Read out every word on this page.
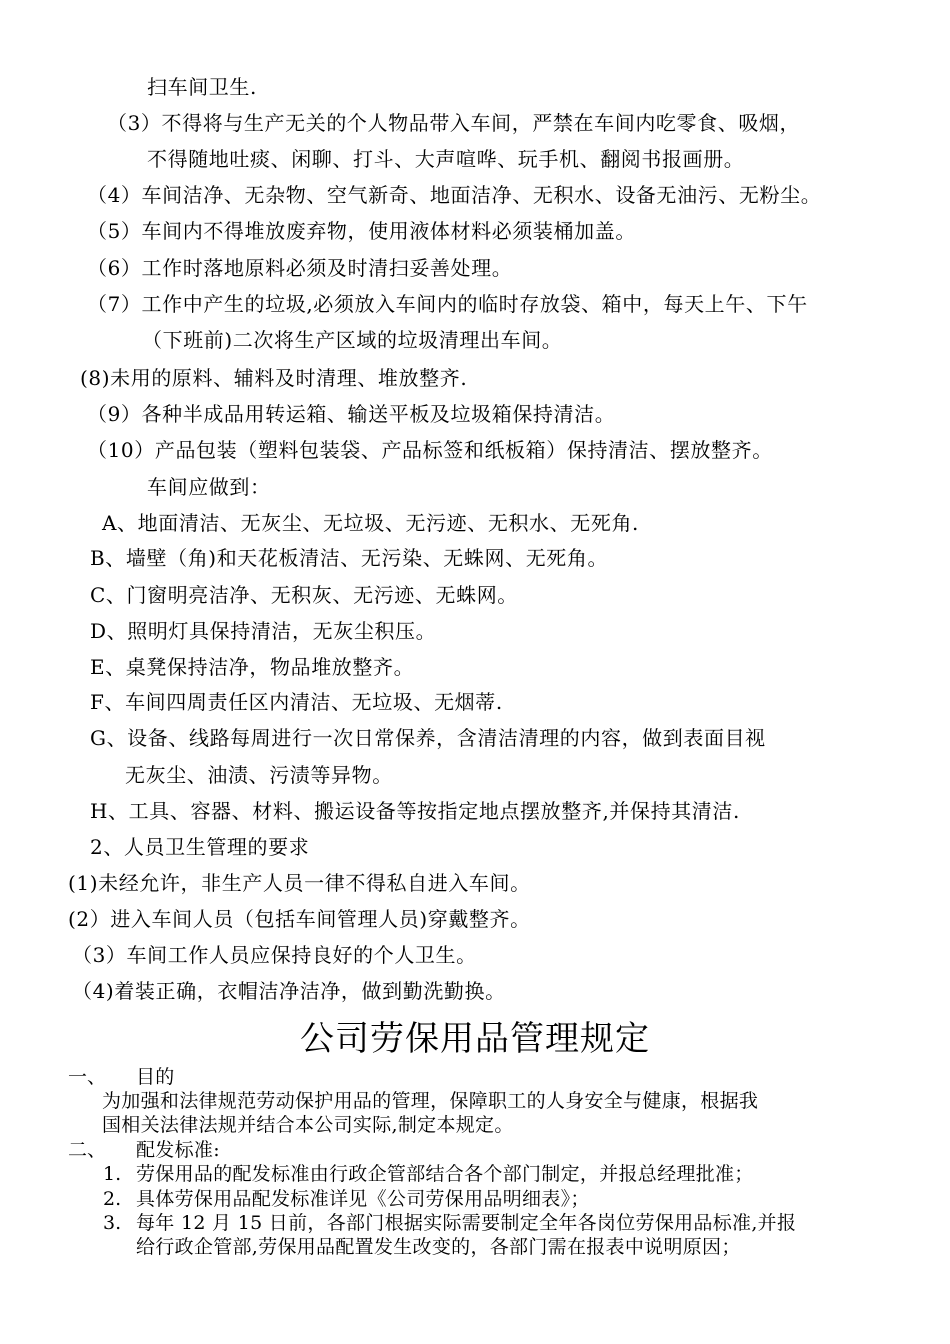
扫车间卫生.
（3）不得将与生产无关的个人物品带入车间，严禁在车间内吃零食、吸烟，
不得随地吐痰、闲聊、打斗、大声喧哗、玩手机、翻阅书报画册。
（4）车间洁净、无杂物、空气新奇、地面洁净、无积水、设备无油污、无粉尘。
（5）车间内不得堆放废弃物，使用液体材料必须装桶加盖。
（6）工作时落地原料必须及时清扫妥善处理。
（7）工作中产生的垃圾,必须放入车间内的临时存放袋、箱中，每天上午、下午
（下班前)二次将生产区域的垃圾清理出车间。
(8)未用的原料、辅料及时清理、堆放整齐.
（9）各种半成品用转运箱、输送平板及垃圾箱保持清洁。
（10）产品包装（塑料包装袋、产品标签和纸板箱）保持清洁、摆放整齐。
车间应做到：
A、地面清洁、无灰尘、无垃圾、无污迹、无积水、无死角.
B、墙壁（角)和天花板清洁、无污染、无蛛网、无死角。
C、门窗明亮洁净、无积灰、无污迹、无蛛网。
D、照明灯具保持清洁，无灰尘积压。
E、桌凳保持洁净，物品堆放整齐。
F、车间四周责任区内清洁、无垃圾、无烟蒂.
G、设备、线路每周进行一次日常保养，含清洁清理的内容，做到表面目视
无灰尘、油渍、污渍等异物。
H、工具、容器、材料、搬运设备等按指定地点摆放整齐,并保持其清洁.
2、人员卫生管理的要求
(1)未经允许，非生产人员一律不得私自进入车间。
(2）进入车间人员（包括车间管理人员)穿戴整齐。
（3）车间工作人员应保持良好的个人卫生。
（4)着装正确，衣帽洁净洁净，做到勤洗勤换。
公司劳保用品管理规定
一、 目的
为加强和法律规范劳动保护用品的管理，保障职工的人身安全与健康，根据我
国相关法律法规并结合本公司实际,制定本规定。
二、 配发标准:
1. 劳保用品的配发标准由行政企管部结合各个部门制定，并报总经理批准；
2. 具体劳保用品配发标准详见《公司劳保用品明细表》；
3. 每年 12 月 15 日前，各部门根据实际需要制定全年各岗位劳保用品标准,并报
给行政企管部,劳保用品配置发生改变的，各部门需在报表中说明原因；
